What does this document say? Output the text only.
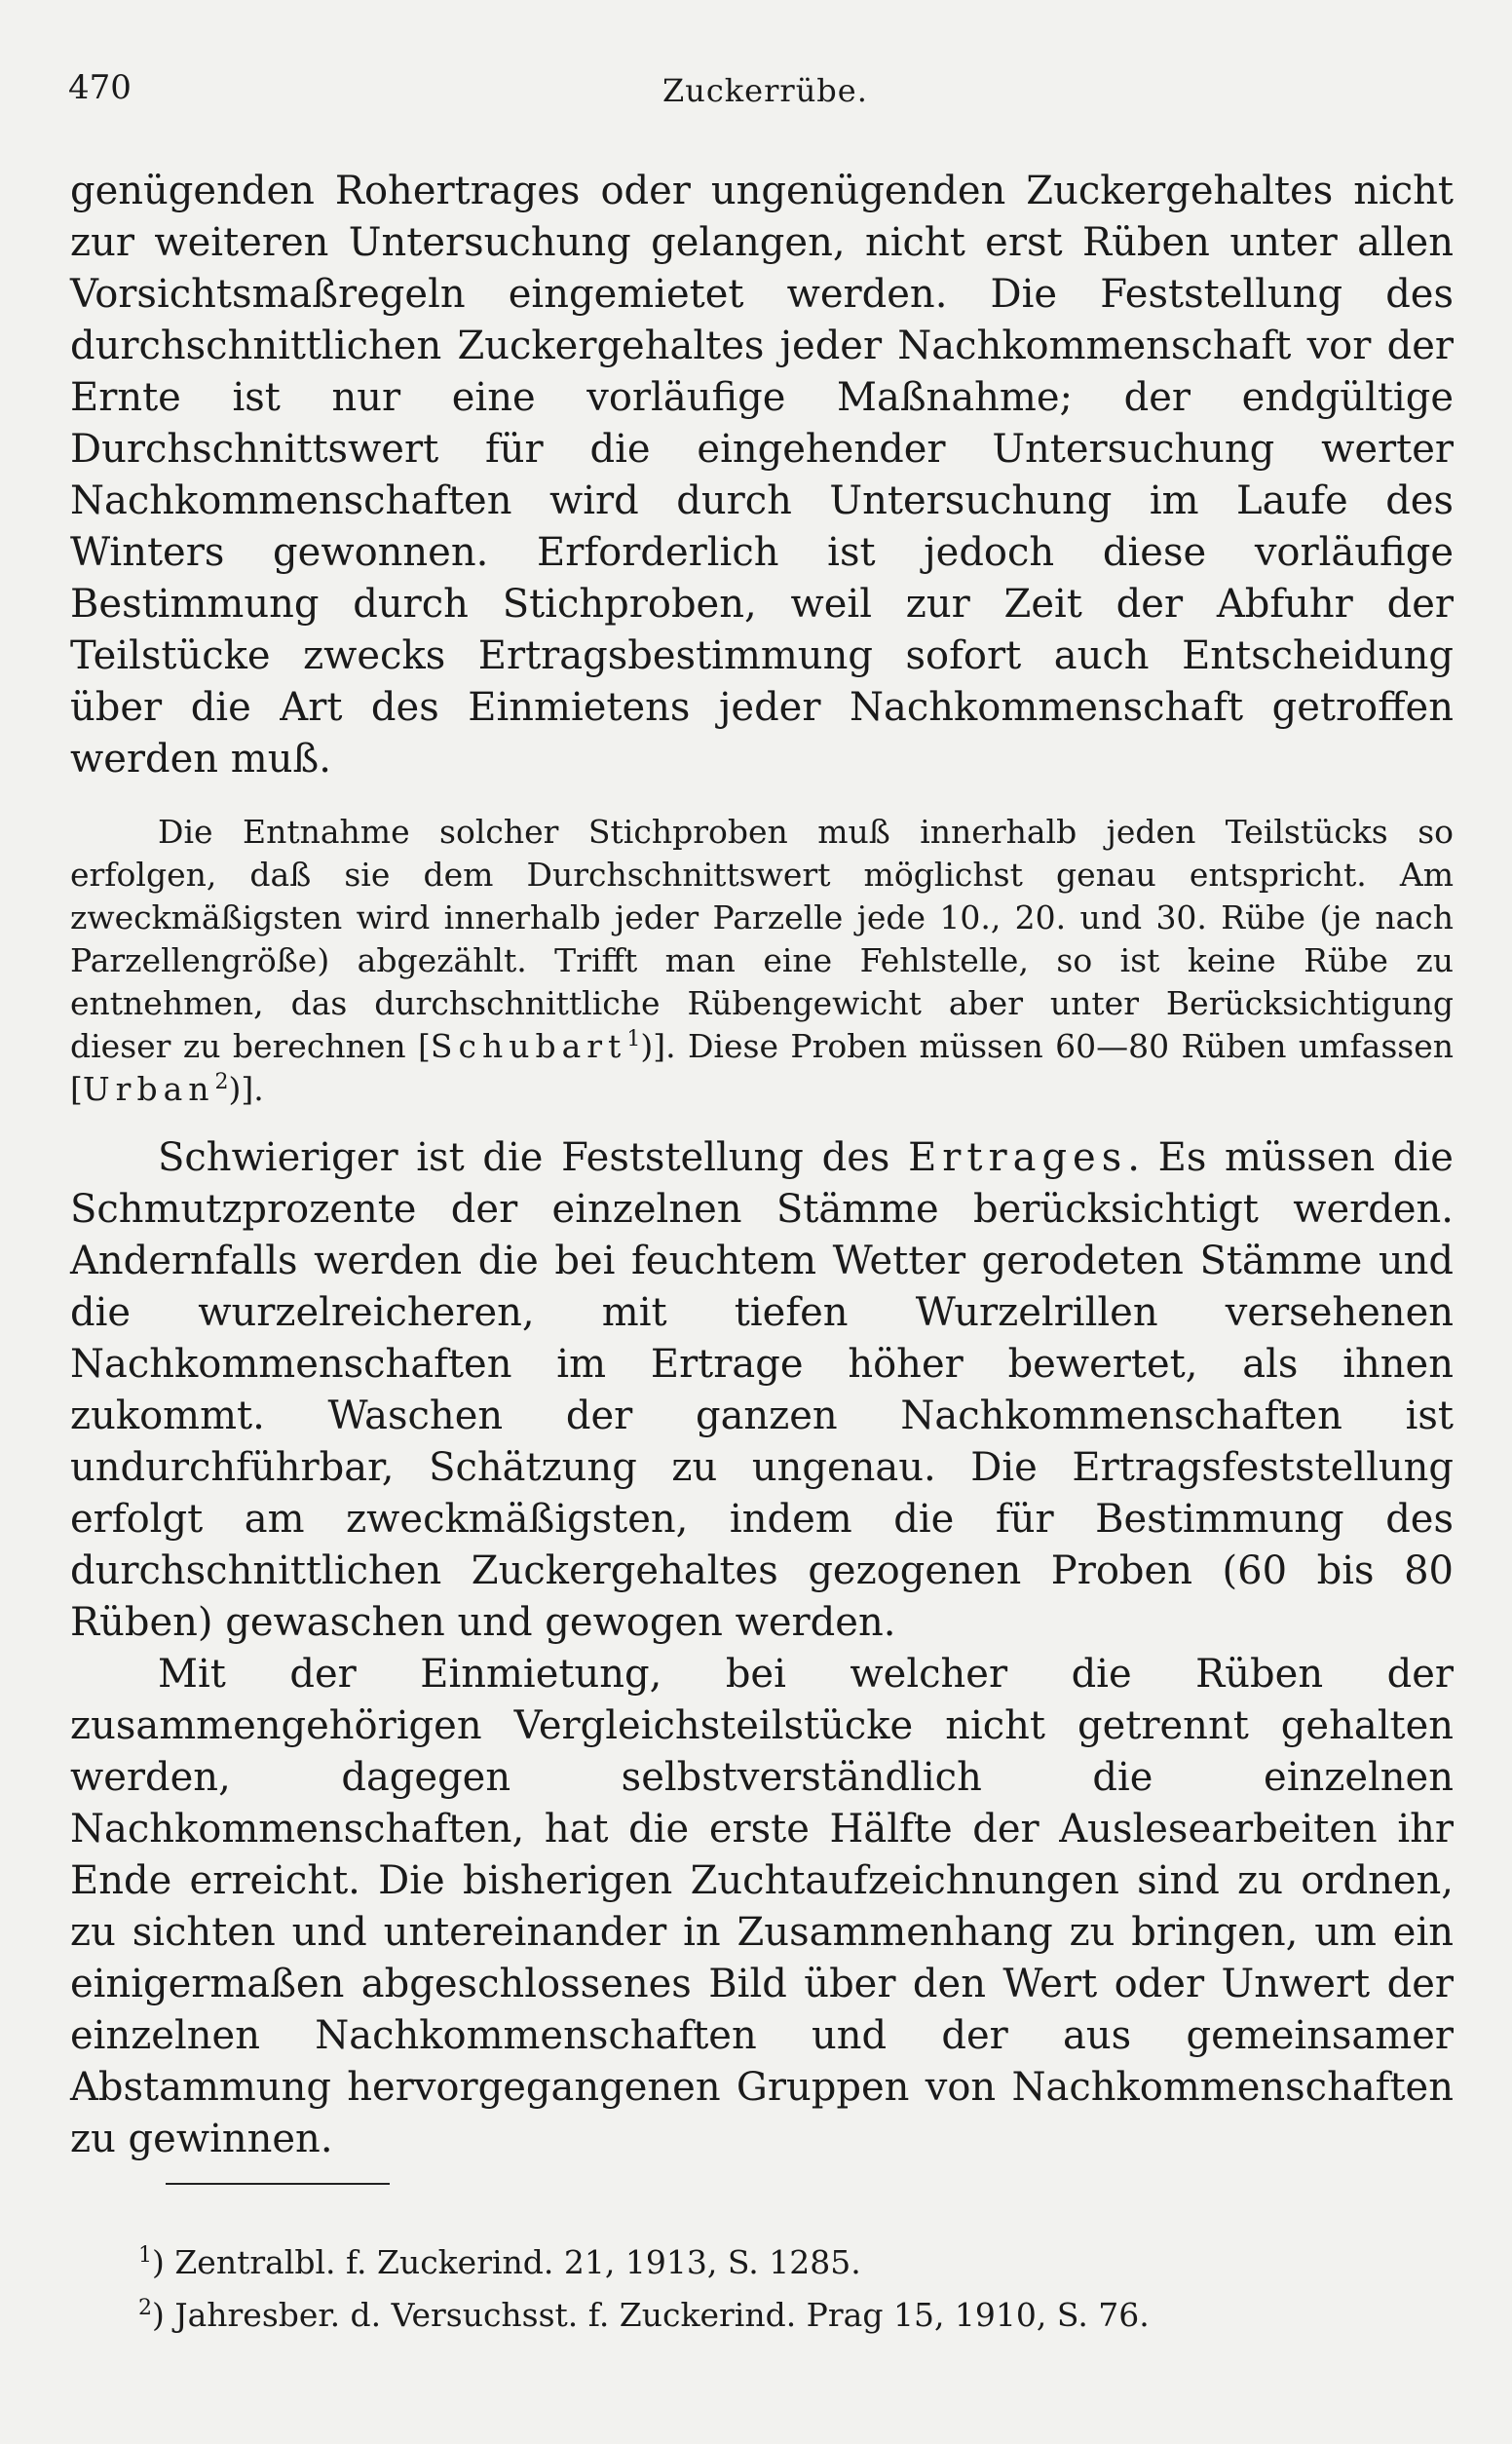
470	Zuckerrübe.

genügenden Rohertrages oder ungenügenden Zuckergehaltes nicht zur weiteren Untersuchung gelangen, nicht erst Rüben unter allen Vorsichtsmaßregeln eingemietet werden. Die Feststellung des durchschnittlichen Zuckergehaltes jeder Nachkommenschaft vor der Ernte ist nur eine vorläufige Maßnahme; der endgültige Durchschnittswert für die eingehender Untersuchung werter Nachkommenschaften wird durch Untersuchung im Laufe des Winters gewonnen. Erforderlich ist jedoch diese vorläufige Bestimmung durch Stichproben, weil zur Zeit der Abfuhr der Teilstücke zwecks Ertragsbestimmung sofort auch Entscheidung über die Art des Einmietens jeder Nachkommenschaft getroffen werden muß.

Die Entnahme solcher Stichproben muß innerhalb jeden Teilstücks so erfolgen, daß sie dem Durchschnittswert möglichst genau entspricht. Am zweckmäßigsten wird innerhalb jeder Parzelle jede 10., 20. und 30. Rübe (je nach Parzellengröße) abgezählt. Trifft man eine Fehlstelle, so ist keine Rübe zu entnehmen, das durchschnittliche Rübengewicht aber unter Berücksichtigung dieser zu berechnen [Schubart$^1$)]. Diese Proben müssen 60—80 Rüben umfassen [Urban$^2$)].

Schwieriger ist die Feststellung des Ertrages. Es müssen die Schmutzprozente der einzelnen Stämme berücksichtigt werden. Andernfalls werden die bei feuchtem Wetter gerodeten Stämme und die wurzelreicheren, mit tiefen Wurzelrillen versehenen Nachkommenschaften im Ertrage höher bewertet, als ihnen zukommt. Waschen der ganzen Nachkommenschaften ist undurchführbar, Schätzung zu ungenau. Die Ertragsfeststellung erfolgt am zweckmäßigsten, indem die für Bestimmung des durchschnittlichen Zuckergehaltes gezogenen Proben (60 bis 80 Rüben) gewaschen und gewogen werden.

Mit der Einmietung, bei welcher die Rüben der zusammengehörigen Vergleichsteilstücke nicht getrennt gehalten werden, dagegen selbstverständlich die einzelnen Nachkommenschaften, hat die erste Hälfte der Auslesearbeiten ihr Ende erreicht. Die bisherigen Zuchtaufzeichnungen sind zu ordnen, zu sichten und untereinander in Zusammenhang zu bringen, um ein einigermaßen abgeschlossenes Bild über den Wert oder Unwert der einzelnen Nachkommenschaften und der aus gemeinsamer Abstammung hervorgegangenen Gruppen von Nachkommenschaften zu gewinnen.

$^1$) Zentralbl. f. Zuckerind. 21, 1913, S. 1285.

$^2$) Jahresber. d. Versuchsst. f. Zuckerind. Prag 15, 1910, S. 76.
